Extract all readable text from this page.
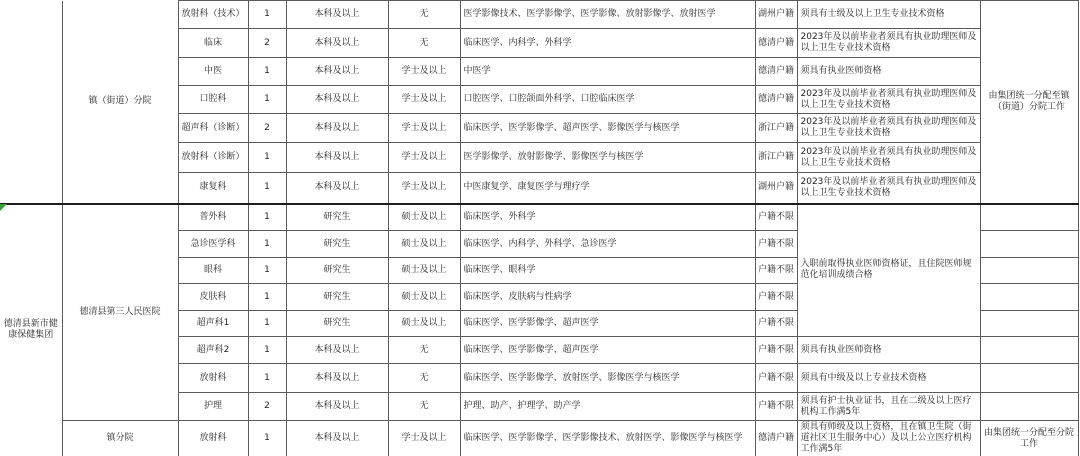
	镇（街道）分院	放射科（技术）	1	本科及以上	无	医学影像技术、医学影像学、医学影像、放射影像学、放射医学	湖州户籍	须具有士级及以上卫生专业技术资格	由集团统一分配至镇（街道）分院工作
		临床	2	本科及以上	无	临床医学、内科学、外科学	德清户籍	2023年及以前毕业者须具有执业助理医师及以上卫生专业技术资格	
		中医	1	本科及以上	学士及以上	中医学	德清户籍	须具有执业医师资格	
		口腔科	1	本科及以上	学士及以上	口腔医学、口腔颌面外科学、口腔临床医学	德清户籍	2023年及以前毕业者须具有执业助理医师及以上卫生专业技术资格	
		超声科（诊断）	2	本科及以上	学士及以上	临床医学、医学影像学、超声医学、影像医学与核医学	浙江户籍	2023年及以前毕业者须具有执业助理医师及以上卫生专业技术资格	
		放射科（诊断）	1	本科及以上	学士及以上	医学影像学、放射影像学、影像医学与核医学	浙江户籍	2023年及以前毕业者须具有执业助理医师及以上卫生专业技术资格	
		康复科	1	本科及以上	学士及以上	中医康复学、康复医学与理疗学	湖州户籍	2023年及以前毕业者须具有执业助理医师及以上卫生专业技术资格	
德清县新市健康保健集团	德清县第三人民医院	普外科	1	研究生	硕士及以上	临床医学、外科学	户籍不限	入职前取得执业医师资格证，且住院医师规范化培训成绩合格	
		急诊医学科	1	研究生	硕士及以上	临床医学、内科学、外科学、急诊医学	户籍不限		
		眼科	1	研究生	硕士及以上	临床医学、眼科学	户籍不限		
		皮肤科	1	研究生	硕士及以上	临床医学、皮肤病与性病学	户籍不限		
		超声科1	1	研究生	硕士及以上	临床医学、医学影像学、超声医学	户籍不限		
		超声科2	1	本科及以上	无	临床医学、医学影像学、超声医学	户籍不限	须具有执业医师资格	
		放射科	1	本科及以上	无	临床医学、医学影像学、放射医学、影像医学与核医学	户籍不限	须具有中级及以上专业技术资格	
		护理	2	本科及以上	无	护理、助产、护理学、助产学	户籍不限	须具有护士执业证书，且在二级及以上医疗机构工作满5年	
	镇分院	放射科	1	本科及以上	学士及以上	临床医学、医学影像学、医学影像技术、放射医学、影像医学与核医学	德清户籍	须具有师级及以上资格，且在镇卫生院（街道社区卫生服务中心）及以上公立医疗机构工作满5年	由集团统一分配至分院工作
